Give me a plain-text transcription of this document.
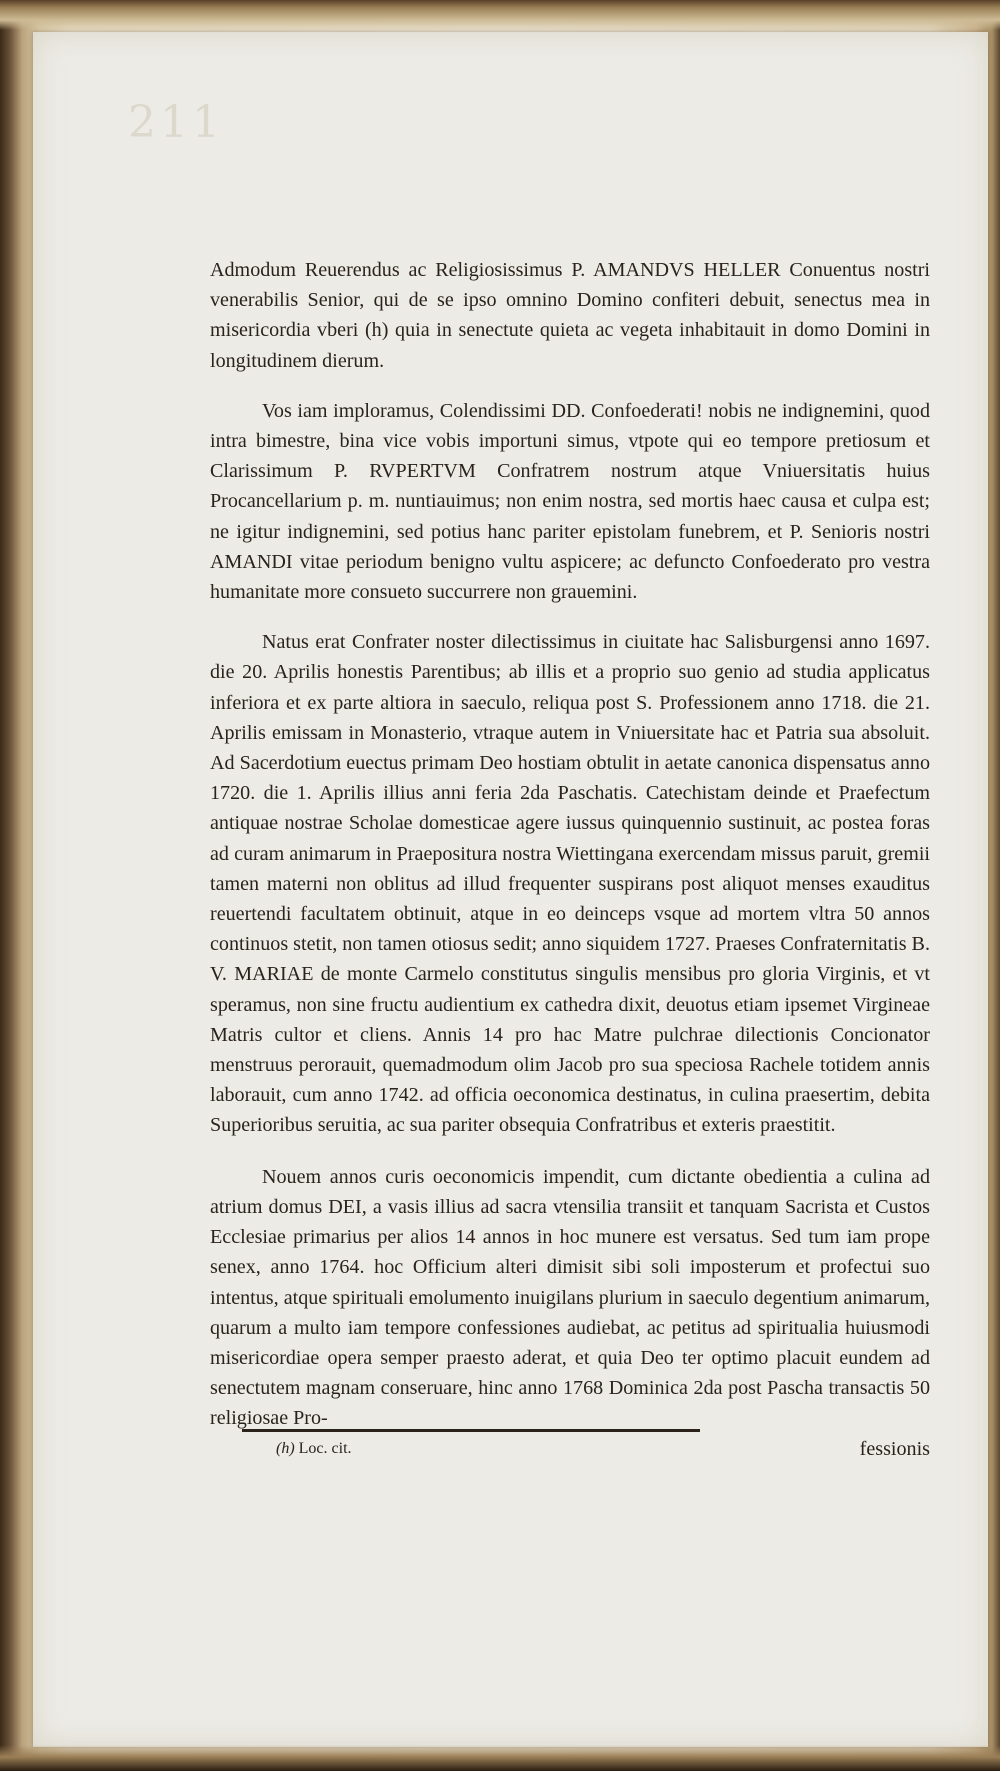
211

Admodum Reuerendus ac Religiosissimus P. AMANDVS HELLER Conuentus nostri venerabilis Senior, qui de se ipso omnino Domino confiteri debuit, senectus mea in misericordia vberi (h) quia in senectute quieta ac vegeta inhabitauit in domo Domini in longitudinem dierum.

Vos iam imploramus, Colendissimi DD. Confoederati! nobis ne indignemini, quod intra bimestre, bina vice vobis importuni simus, vtpote qui eo tempore pretiosum et Clarissimum P. RVPERTVM Confratrem nostrum atque Vniuersitatis huius Procancellarium p. m. nuntiauimus; non enim nostra, sed mortis haec causa et culpa est; ne igitur indignemini, sed potius hanc pariter epistolam funebrem, et P. Senioris nostri AMANDI vitae periodum benigno vultu aspicere; ac defuncto Confoederato pro vestra humanitate more consueto succurrere non grauemini.

Natus erat Confrater noster dilectissimus in ciuitate hac Salisburgensi anno 1697. die 20. Aprilis honestis Parentibus; ab illis et a proprio suo genio ad studia applicatus inferiora et ex parte altiora in saeculo, reliqua post S. Professionem anno 1718. die 21. Aprilis emissam in Monasterio, vtraque autem in Vniuersitate hac et Patria sua absoluit. Ad Sacerdotium euectus primam Deo hostiam obtulit in aetate canonica dispensatus anno 1720. die 1. Aprilis illius anni feria 2da Paschatis. Catechistam deinde et Praefectum antiquae nostrae Scholae domesticae agere iussus quinquennio sustinuit, ac postea foras ad curam animarum in Praepositura nostra Wiettingana exercendam missus paruit, gremii tamen materni non oblitus ad illud frequenter suspirans post aliquot menses exauditus reuertendi facultatem obtinuit, atque in eo deinceps vsque ad mortem vltra 50 annos continuos stetit, non tamen otiosus sedit; anno siquidem 1727. Praeses Confraternitatis B. V. MARIAE de monte Carmelo constitutus singulis mensibus pro gloria Virginis, et vt speramus, non sine fructu audientium ex cathedra dixit, deuotus etiam ipsemet Virgineae Matris cultor et cliens. Annis 14 pro hac Matre pulchrae dilectionis Concionator menstruus perorauit, quemadmodum olim Jacob pro sua speciosa Rachele totidem annis laborauit, cum anno 1742. ad officia oeconomica destinatus, in culina praesertim, debita Superioribus seruitia, ac sua pariter obsequia Confratribus et exteris praestitit.

Nouem annos curis oeconomicis impendit, cum dictante obedientia a culina ad atrium domus DEI, a vasis illius ad sacra vtensilia transiit et tanquam Sacrista et Custos Ecclesiae primarius per alios 14 annos in hoc munere est versatus. Sed tum iam prope senex, anno 1764. hoc Officium alteri dimisit sibi soli imposterum et profectui suo intentus, atque spirituali emolumento inuigilans plurium in saeculo degentium animarum, quarum a multo iam tempore confessiones audiebat, ac petitus ad spiritualia huiusmodi misericordiae opera semper praesto aderat, et quia Deo ter optimo placuit eundem ad senectutem magnam conseruare, hinc anno 1768 Dominica 2da post Pascha transactis 50 religiosae Pro-

fessionis

(h) Loc. cit.
